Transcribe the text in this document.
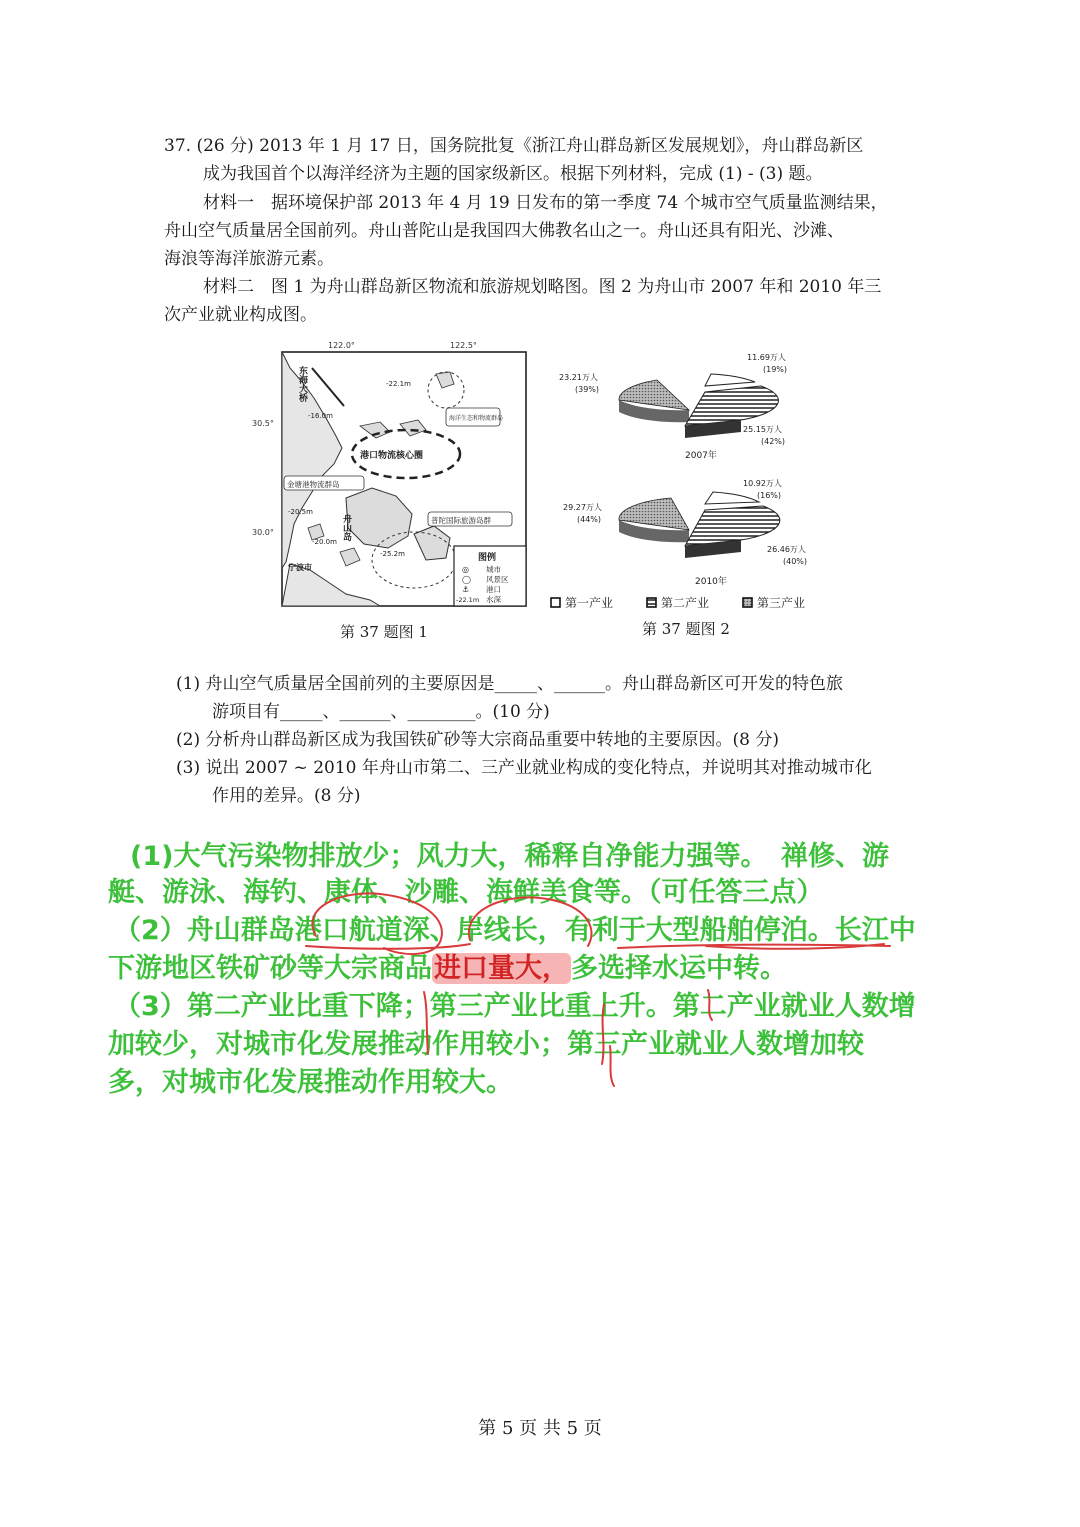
37. (26 分) 2013 年 1 月 17 日，国务院批复《浙江舟山群岛新区发展规划》，舟山群岛新区
成为我国首个以海洋经济为主题的国家级新区。根据下列材料，完成 (1) - (3) 题。
材料一　据环境保护部 2013 年 4 月 19 日发布的第一季度 74 个城市空气质量监测结果，
舟山空气质量居全国前列。舟山普陀山是我国四大佛教名山之一。舟山还具有阳光、沙滩、
海浪等海洋旅游元素。
材料二　图 1 为舟山群岛新区物流和旅游规划略图。图 2 为舟山市 2007 年和 2010 年三
次产业就业构成图。
122.0°	122.5°
30.5°
30.0°
东海大桥
-16.0m
-22.1m
海洋生态和物流群岛
港口物流核心圈
金塘港物流群岛
舟山岛
-20.5m
-20.0m
-25.2m
普陀国际旅游岛群
宁波市
图例
◎ 城市
◯ 风景区
⚓ 港口
-22.1m 水深
第 37 题图 1
11.69万人
(19%)
23.21万人
(39%)
25.15万人
(42%)
2007年
10.92万人
(16%)
29.27万人
(44%)
26.46万人
(40%)
2010年
第一产业	第二产业	第三产业
第 37 题图 2
(1) 舟山空气质量居全国前列的主要原因是_____、______。舟山群岛新区可开发的特色旅
游项目有_____、______、________。(10 分)
(2) 分析舟山群岛新区成为我国铁矿砂等大宗商品重要中转地的主要原因。(8 分)
(3) 说出 2007 ~ 2010 年舟山市第二、三产业就业构成的变化特点，并说明其对推动城市化
作用的差异。(8 分)
(1)大气污染物排放少；风力大，稀释自净能力强等。　禅修、游
艇、游泳、海钓、康体、沙雕、海鲜美食等。（可任答三点）
（2）舟山群岛港口航道深、岸线长，有利于大型船舶停泊。长江中
下游地区铁矿砂等大宗商品进口量大，多选择水运中转。
（3）第二产业比重下降；第三产业比重上升。第二产业就业人数增
加较少，对城市化发展推动作用较小；第三产业就业人数增加较
多，对城市化发展推动作用较大。
第 5 页 共 5 页
